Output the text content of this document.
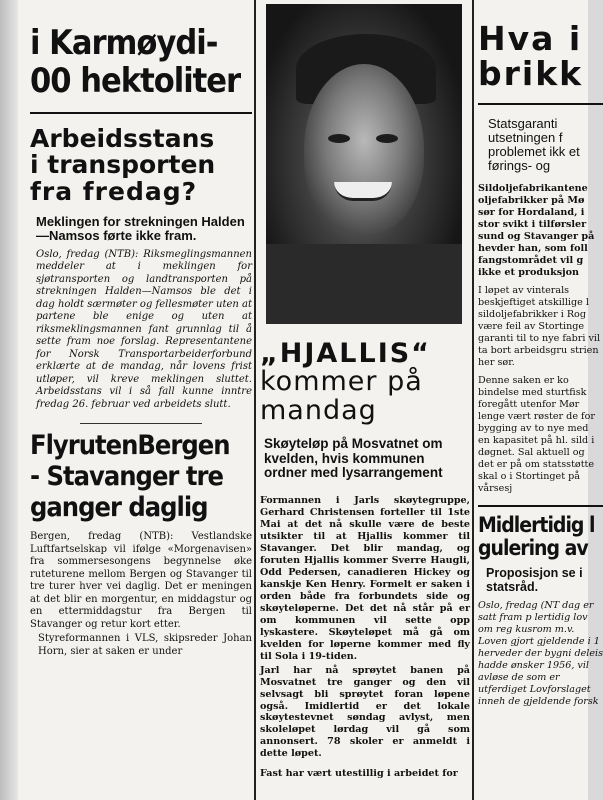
i Karmøydi-
00 hektoliter
Arbeidsstans
i transporten
fra fredag?

Meklingen for strekningen Halden—Namsos førte ikke fram.

Oslo, fredag (NTB): Riksmeglingsmannen meddeler at i meklingen for sjøtransporten og landtransporten på strekningen Halden—Namsos ble det i dag holdt særmøter og fellesmøter uten at partene ble enige og uten at riksmeklingsmannen fant grunnlag til å sette fram noe forslag. Representantene for Norsk Transportarbeiderforbund erklærte at de mandag, når lovens frist utløper, vil kreve meklingen sluttet. Arbeidsstans vil i så fall kunne inntre fredag 26. februar ved arbeidets slutt.

FlyrutenBergen
- Stavanger tre
ganger daglig

Bergen, fredag (NTB): Vestlandske Luftfartselskap vil ifølge «Morgenavisen» fra sommersesongens begynnelse øke ruteturene mellom Bergen og Stavanger til tre turer hver vei daglig. Det er meningen at det blir en morgentur, en middagstur og en ettermiddagstur fra Bergen til Stavanger og retur kort etter.

Styreformannen i VLS, skipsreder Johan Horn, sier at saken er under

„HJALLIS“
kommer på
mandag

Skøyteløp på Mosvatnet om kvelden, hvis kommunen ordner med lysarrangement

Formannen i Jarls skøytegruppe, Gerhard Christensen forteller til 1ste Mai at det nå skulle være de beste utsikter til at Hjallis kommer til Stavanger. Det blir mandag, og foruten Hjallis kommer Sverre Haugli, Odd Pedersen, canadieren Hickey og kanskje Ken Henry. Formelt er saken i orden både fra forbundets side og skøyteløperne. Det det nå står på er om kommunen vil sette opp lyskastere. Skøyteløpet må gå om kvelden for løperne kommer med fly til Sola i 19-tiden.

Jarl har nå sprøytet banen på Mosvatnet tre ganger og den vil selvsagt bli sprøytet foran løpene også. Imidlertid er det lokale skøytestevnet søndag avlyst, men skoleløpet lørdag vil gå som annonsert. 78 skoler er anmeldt i dette løpet.

Fast har vært utestillig i arbeidet for

Hva i
brikk

Statsgaranti utsetningen f problemet ikk et førings- og

Sildoljefabrikantene oljefabrikker på Mø sør for Hordaland, i stor svikt i tilførsler sund og Stavanger på hevder han, som foll fangstområdet vil g ikke et produksjon

I løpet av vinterals beskjeftiget atskillige l sildoljefabrikker i Rog være feil av Stortinge garanti til to nye fabri vil ta bort arbeidsgru strien her sør.

Denne saken er ko bindelse med sturtfisk foregått utenfor Mør lenge vært røster de for bygging av to nye med en kapasitet på hl. sild i døgnet. Sal aktuell og det er på om statsstøtte skal o i Stortinget på vårsesj

Midlertidig l
gulering av

Proposisjon se i statsråd.

Oslo, fredag (NT dag er satt fram p lertidig lov om reg kusrom m.v. Loven gjort gjeldende i 1 herveder der bygni deleis hadde ønsker 1956, vil avløse de som er utferdiget Lovforslaget inneh de gjeldende forsk
